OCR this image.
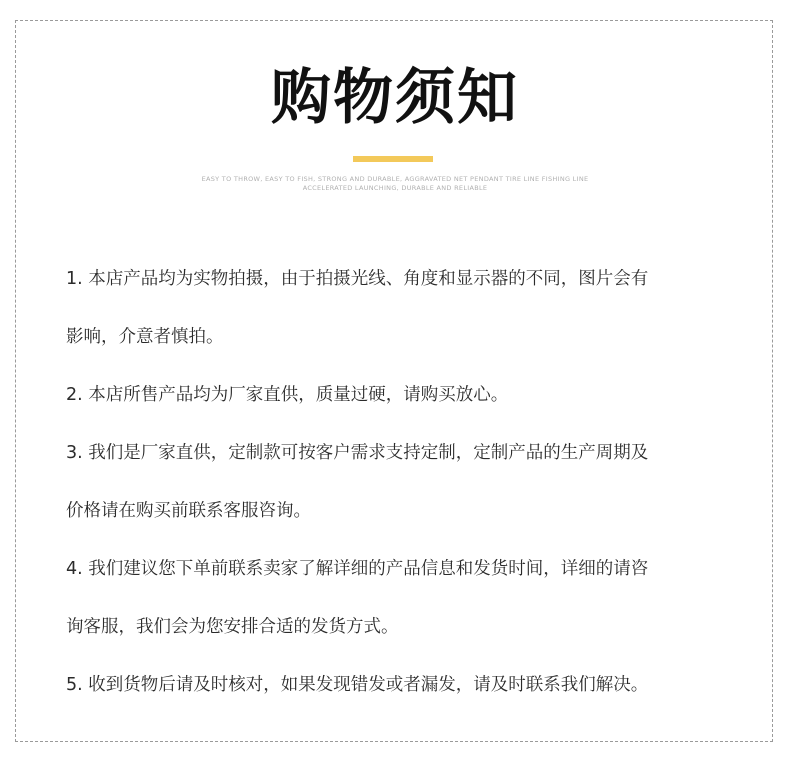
购物须知
EASY TO THROW, EASY TO FISH, STRONG AND DURABLE, AGGRAVATED NET PENDANT TIRE LINE FISHING LINE
ACCELERATED LAUNCHING, DURABLE AND RELIABLE
1. 本店产品均为实物拍摄，由于拍摄光线、角度和显示器的不同，图片会有
影响，介意者慎拍。
2. 本店所售产品均为厂家直供，质量过硬，请购买放心。
3. 我们是厂家直供，定制款可按客户需求支持定制，定制产品的生产周期及
价格请在购买前联系客服咨询。
4. 我们建议您下单前联系卖家了解详细的产品信息和发货时间，详细的请咨
询客服，我们会为您安排合适的发货方式。
5. 收到货物后请及时核对，如果发现错发或者漏发，请及时联系我们解决。
